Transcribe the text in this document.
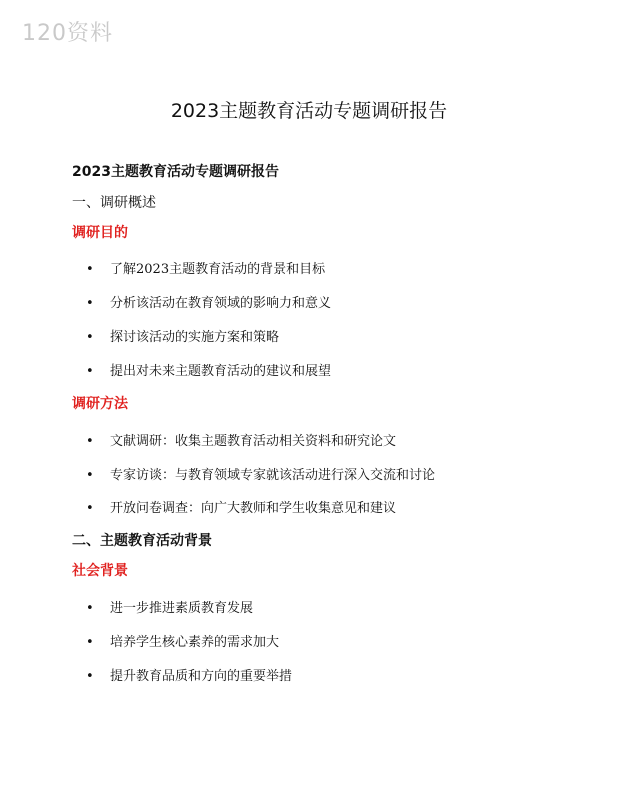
120资料
2023主题教育活动专题调研报告
2023主题教育活动专题调研报告
一、调研概述
调研目的
• 了解2023主题教育活动的背景和目标
• 分析该活动在教育领域的影响力和意义
• 探讨该活动的实施方案和策略
• 提出对未来主题教育活动的建议和展望
调研方法
• 文献调研：收集主题教育活动相关资料和研究论文
• 专家访谈：与教育领域专家就该活动进行深入交流和讨论
• 开放问卷调查：向广大教师和学生收集意见和建议
二、主题教育活动背景
社会背景
• 进一步推进素质教育发展
• 培养学生核心素养的需求加大
• 提升教育品质和方向的重要举措
